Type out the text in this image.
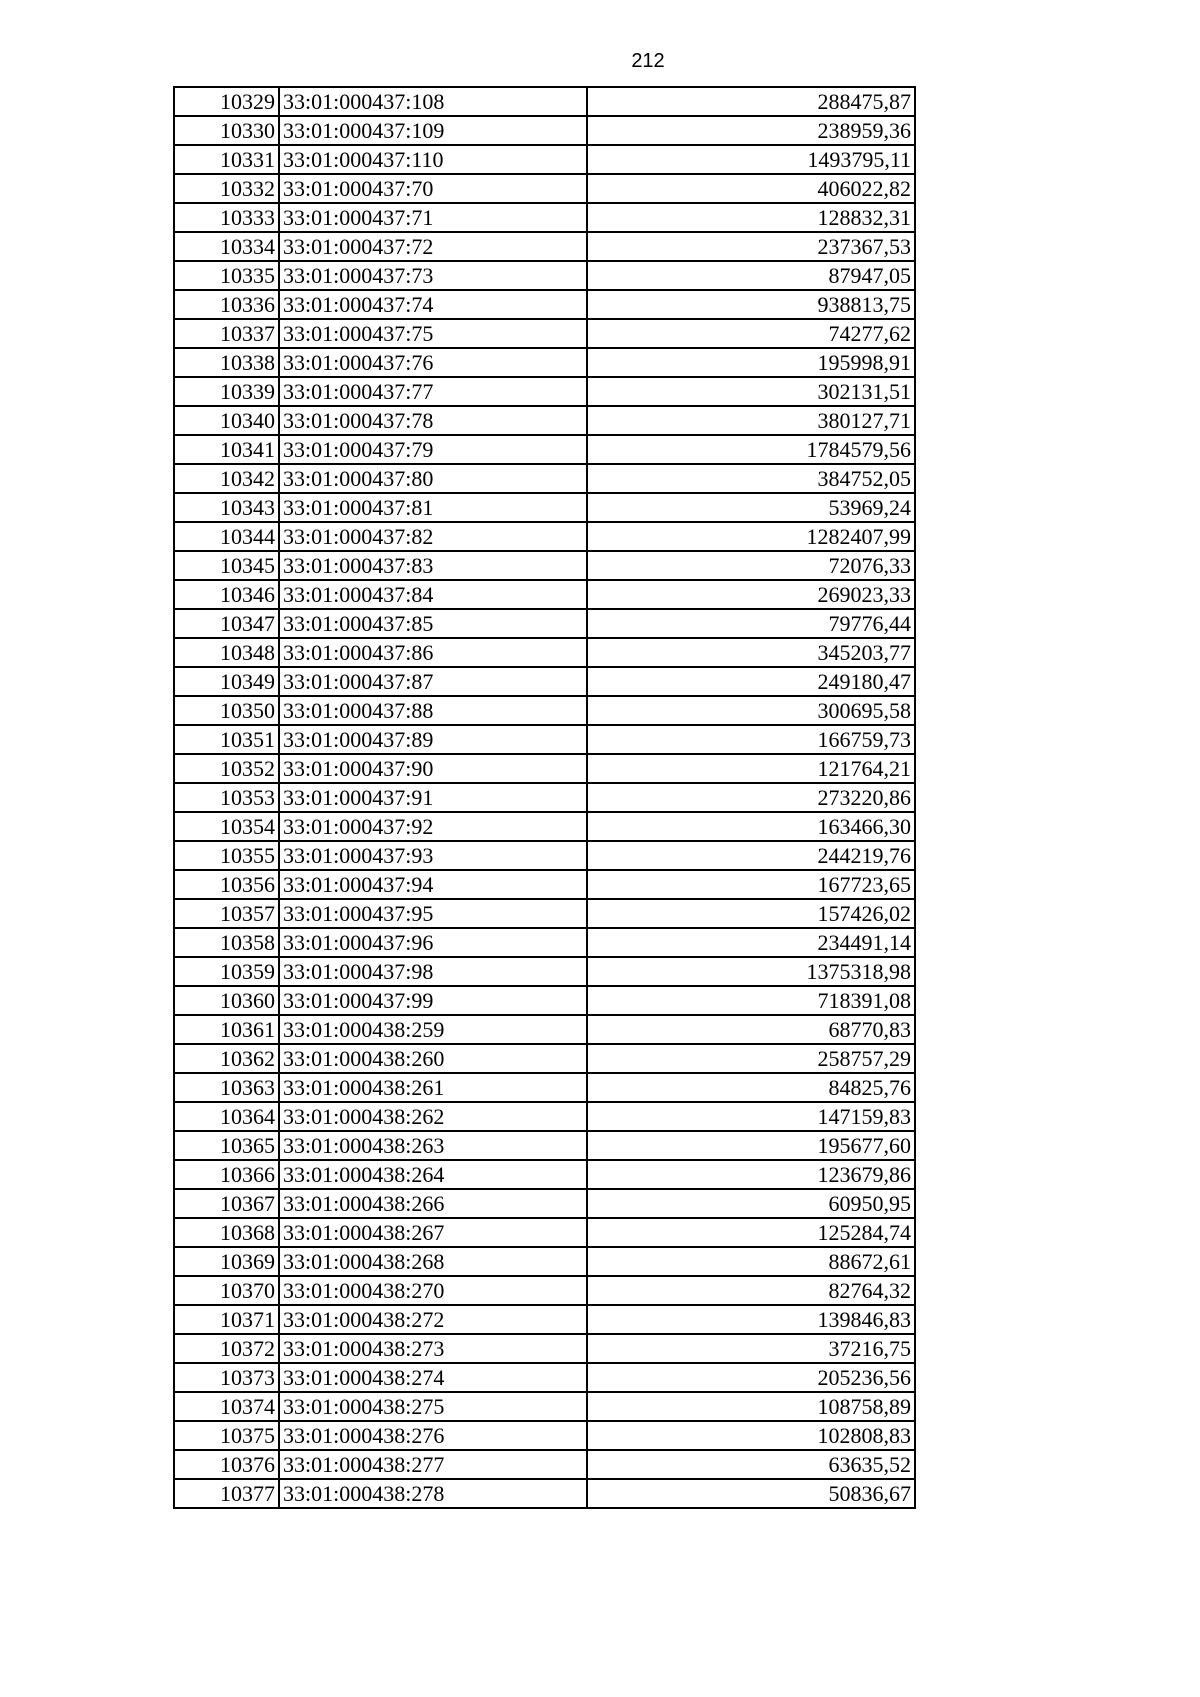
212
10329	33:01:000437:108	288475,87
10330	33:01:000437:109	238959,36
10331	33:01:000437:110	1493795,11
10332	33:01:000437:70	406022,82
10333	33:01:000437:71	128832,31
10334	33:01:000437:72	237367,53
10335	33:01:000437:73	87947,05
10336	33:01:000437:74	938813,75
10337	33:01:000437:75	74277,62
10338	33:01:000437:76	195998,91
10339	33:01:000437:77	302131,51
10340	33:01:000437:78	380127,71
10341	33:01:000437:79	1784579,56
10342	33:01:000437:80	384752,05
10343	33:01:000437:81	53969,24
10344	33:01:000437:82	1282407,99
10345	33:01:000437:83	72076,33
10346	33:01:000437:84	269023,33
10347	33:01:000437:85	79776,44
10348	33:01:000437:86	345203,77
10349	33:01:000437:87	249180,47
10350	33:01:000437:88	300695,58
10351	33:01:000437:89	166759,73
10352	33:01:000437:90	121764,21
10353	33:01:000437:91	273220,86
10354	33:01:000437:92	163466,30
10355	33:01:000437:93	244219,76
10356	33:01:000437:94	167723,65
10357	33:01:000437:95	157426,02
10358	33:01:000437:96	234491,14
10359	33:01:000437:98	1375318,98
10360	33:01:000437:99	718391,08
10361	33:01:000438:259	68770,83
10362	33:01:000438:260	258757,29
10363	33:01:000438:261	84825,76
10364	33:01:000438:262	147159,83
10365	33:01:000438:263	195677,60
10366	33:01:000438:264	123679,86
10367	33:01:000438:266	60950,95
10368	33:01:000438:267	125284,74
10369	33:01:000438:268	88672,61
10370	33:01:000438:270	82764,32
10371	33:01:000438:272	139846,83
10372	33:01:000438:273	37216,75
10373	33:01:000438:274	205236,56
10374	33:01:000438:275	108758,89
10375	33:01:000438:276	102808,83
10376	33:01:000438:277	63635,52
10377	33:01:000438:278	50836,67
